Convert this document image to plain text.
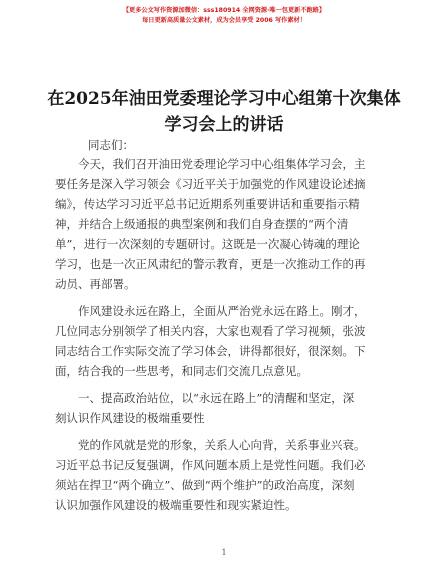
【更多公文写作资源加微信：sss180914 全网资源·唯一包更新不跑路】
每日更新高质量公文素材，成为会员享受 2006 写作素材！
在2025年油田党委理论学习中心组第十次集体
学习会上的讲话
同志们：
今天，我们召开油田党委理论学习中心组集体学习会，主
要任务是深入学习领会《习近平关于加强党的作风建设论述摘
编》，传达学习习近平总书记近期系列重要讲话和重要指示精
神，并结合上级通报的典型案例和我们自身查摆的“两个清
单”，进行一次深刻的专题研讨。这既是一次凝心铸魂的理论
学习，也是一次正风肃纪的警示教育，更是一次推动工作的再
动员、再部署。
作风建设永远在路上，全面从严治党永远在路上。刚才，
几位同志分别领学了相关内容，大家也观看了学习视频，张波
同志结合工作实际交流了学习体会，讲得都很好，很深刻。下
面，结合我的一些思考，和同志们交流几点意见。
一、提高政治站位，以“永远在路上”的清醒和坚定，深
刻认识作风建设的极端重要性
党的作风就是党的形象，关系人心向背，关系事业兴衰。
习近平总书记反复强调，作风问题本质上是党性问题。我们必
须站在捍卫“两个确立”、做到“两个维护”的政治高度，深刻
认识加强作风建设的极端重要性和现实紧迫性。
1
